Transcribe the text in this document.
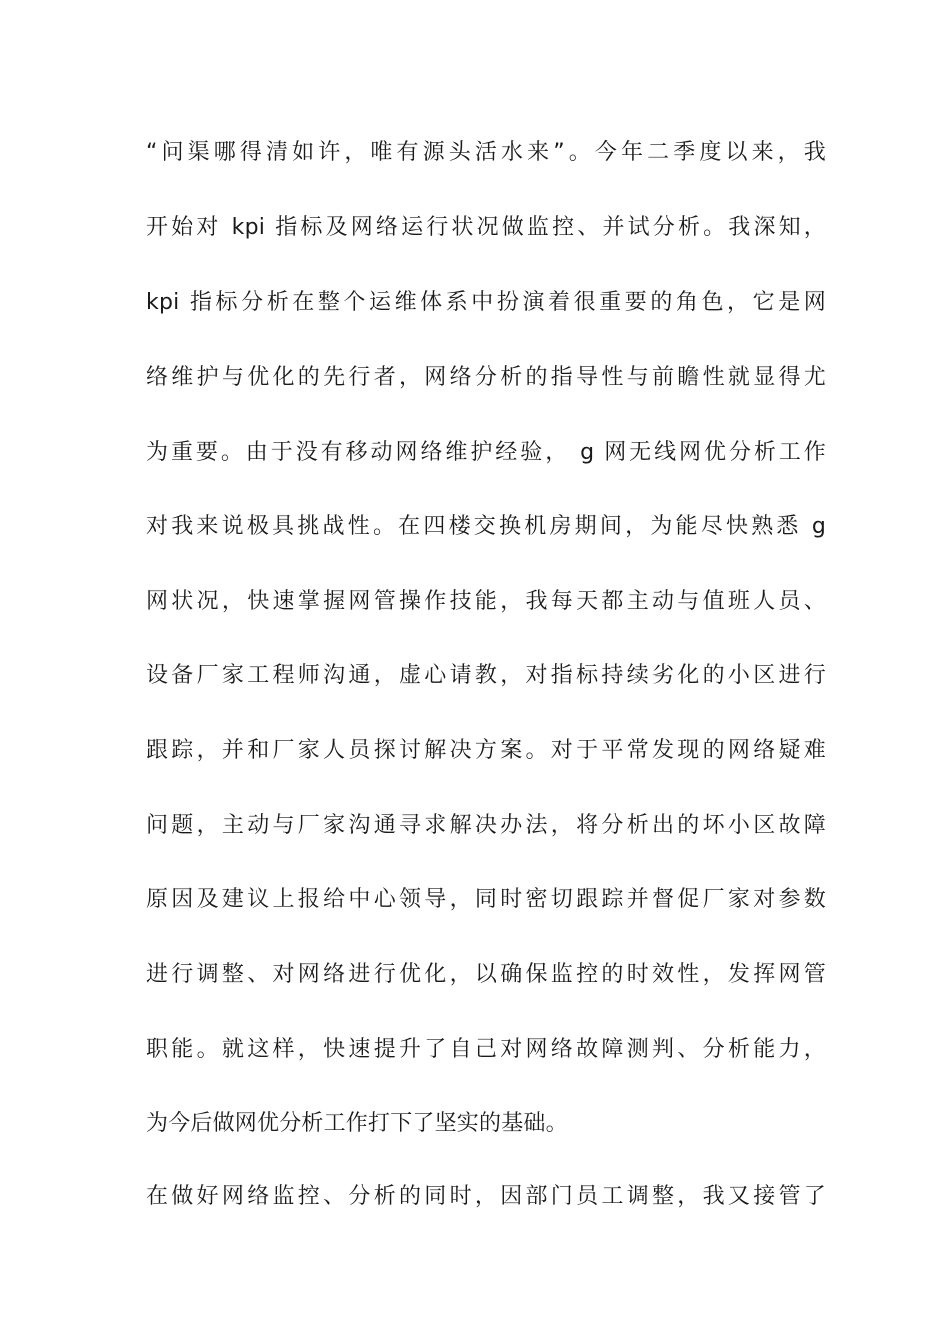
“问渠哪得清如许，唯有源头活水来”。今年二季度以来，我
开始对 kpi 指标及网络运行状况做监控、并试分析。我深知，
kpi 指标分析在整个运维体系中扮演着很重要的角色，它是网
络维护与优化的先行者，网络分析的指导性与前瞻性就显得尤
为重要。由于没有移动网络维护经验， g 网无线网优分析工作
对我来说极具挑战性。在四楼交换机房期间，为能尽快熟悉 g
网状况，快速掌握网管操作技能，我每天都主动与值班人员、
设备厂家工程师沟通，虚心请教，对指标持续劣化的小区进行
跟踪，并和厂家人员探讨解决方案。对于平常发现的网络疑难
问题，主动与厂家沟通寻求解决办法，将分析出的坏小区故障
原因及建议上报给中心领导，同时密切跟踪并督促厂家对参数
进行调整、对网络进行优化，以确保监控的时效性，发挥网管
职能。就这样，快速提升了自己对网络故障测判、分析能力，
为今后做网优分析工作打下了坚实的基础。
在做好网络监控、分析的同时，因部门员工调整，我又接管了
